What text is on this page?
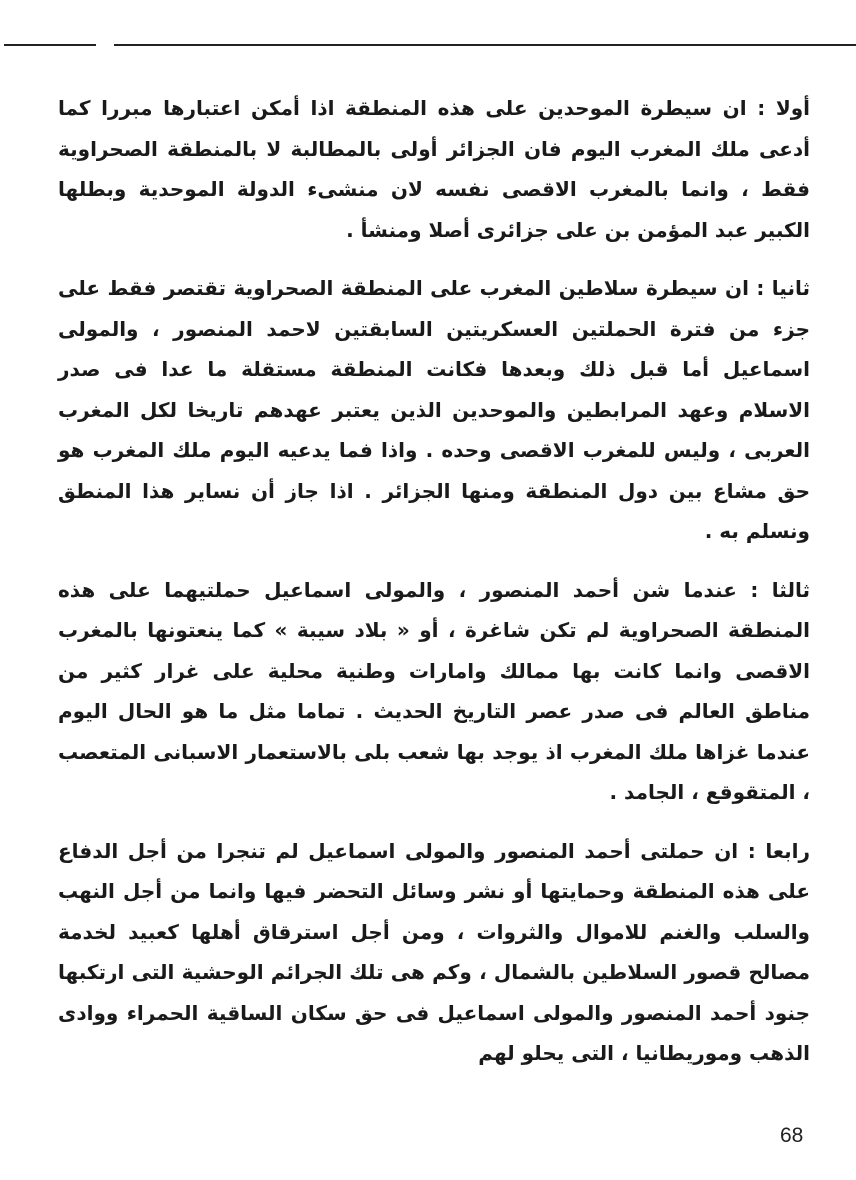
أولا : ان سيطرة الموحدين على هذه المنطقة اذا أمكن اعتبارها مبررا كما أدعى ملك المغرب اليوم فان الجزائر أولى بالمطالبة لا بالمنطقة الصحراوية فقط ، وانما بالمغرب الاقصى نفسه لان منشىء الدولة الموحدية وبطلها الكبير عبد المؤمن بن على جزائرى أصلا ومنشأ .

ثانيا : ان سيطرة سلاطين المغرب على المنطقة الصحراوية تقتصر فقط على جزء من فترة الحملتين العسكريتين السابقتين لاحمد المنصور ، والمولى اسماعيل أما قبل ذلك وبعدها فكانت المنطقة مستقلة ما عدا فى صدر الاسلام وعهد المرابطين والموحدين الذين يعتبر عهدهم تاريخا لكل المغرب العربى ، وليس للمغرب الاقصى وحده . واذا فما يدعيه اليوم ملك المغرب هو حق مشاع بين دول المنطقة ومنها الجزائر . اذا جاز أن نساير هذا المنطق ونسلم به .

ثالثا : عندما شن أحمد المنصور ، والمولى اسماعيل حملتيهما على هذه المنطقة الصحراوية لم تكن شاغرة ، أو « بلاد سيبة » كما ينعتونها بالمغرب الاقصى وانما كانت بها ممالك وامارات وطنية محلية على غرار كثير من مناطق العالم فى صدر عصر التاريخ الحديث . تماما مثل ما هو الحال اليوم عندما غزاها ملك المغرب اذ يوجد بها شعب بلى بالاستعمار الاسبانى المتعصب ، المتقوقع ، الجامد .

رابعا : ان حملتى أحمد المنصور والمولى اسماعيل لم تنجرا من أجل الدفاع على هذه المنطقة وحمايتها أو نشر وسائل التحضر فيها وانما من أجل النهب والسلب والغنم للاموال والثروات ، ومن أجل استرقاق أهلها كعبيد لخدمة مصالح قصور السلاطين بالشمال ، وكم هى تلك الجرائم الوحشية التى ارتكبها جنود أحمد المنصور والمولى اسماعيل فى حق سكان الساقية الحمراء ووادى الذهب وموريطانيا ، التى يحلو لهم

68
